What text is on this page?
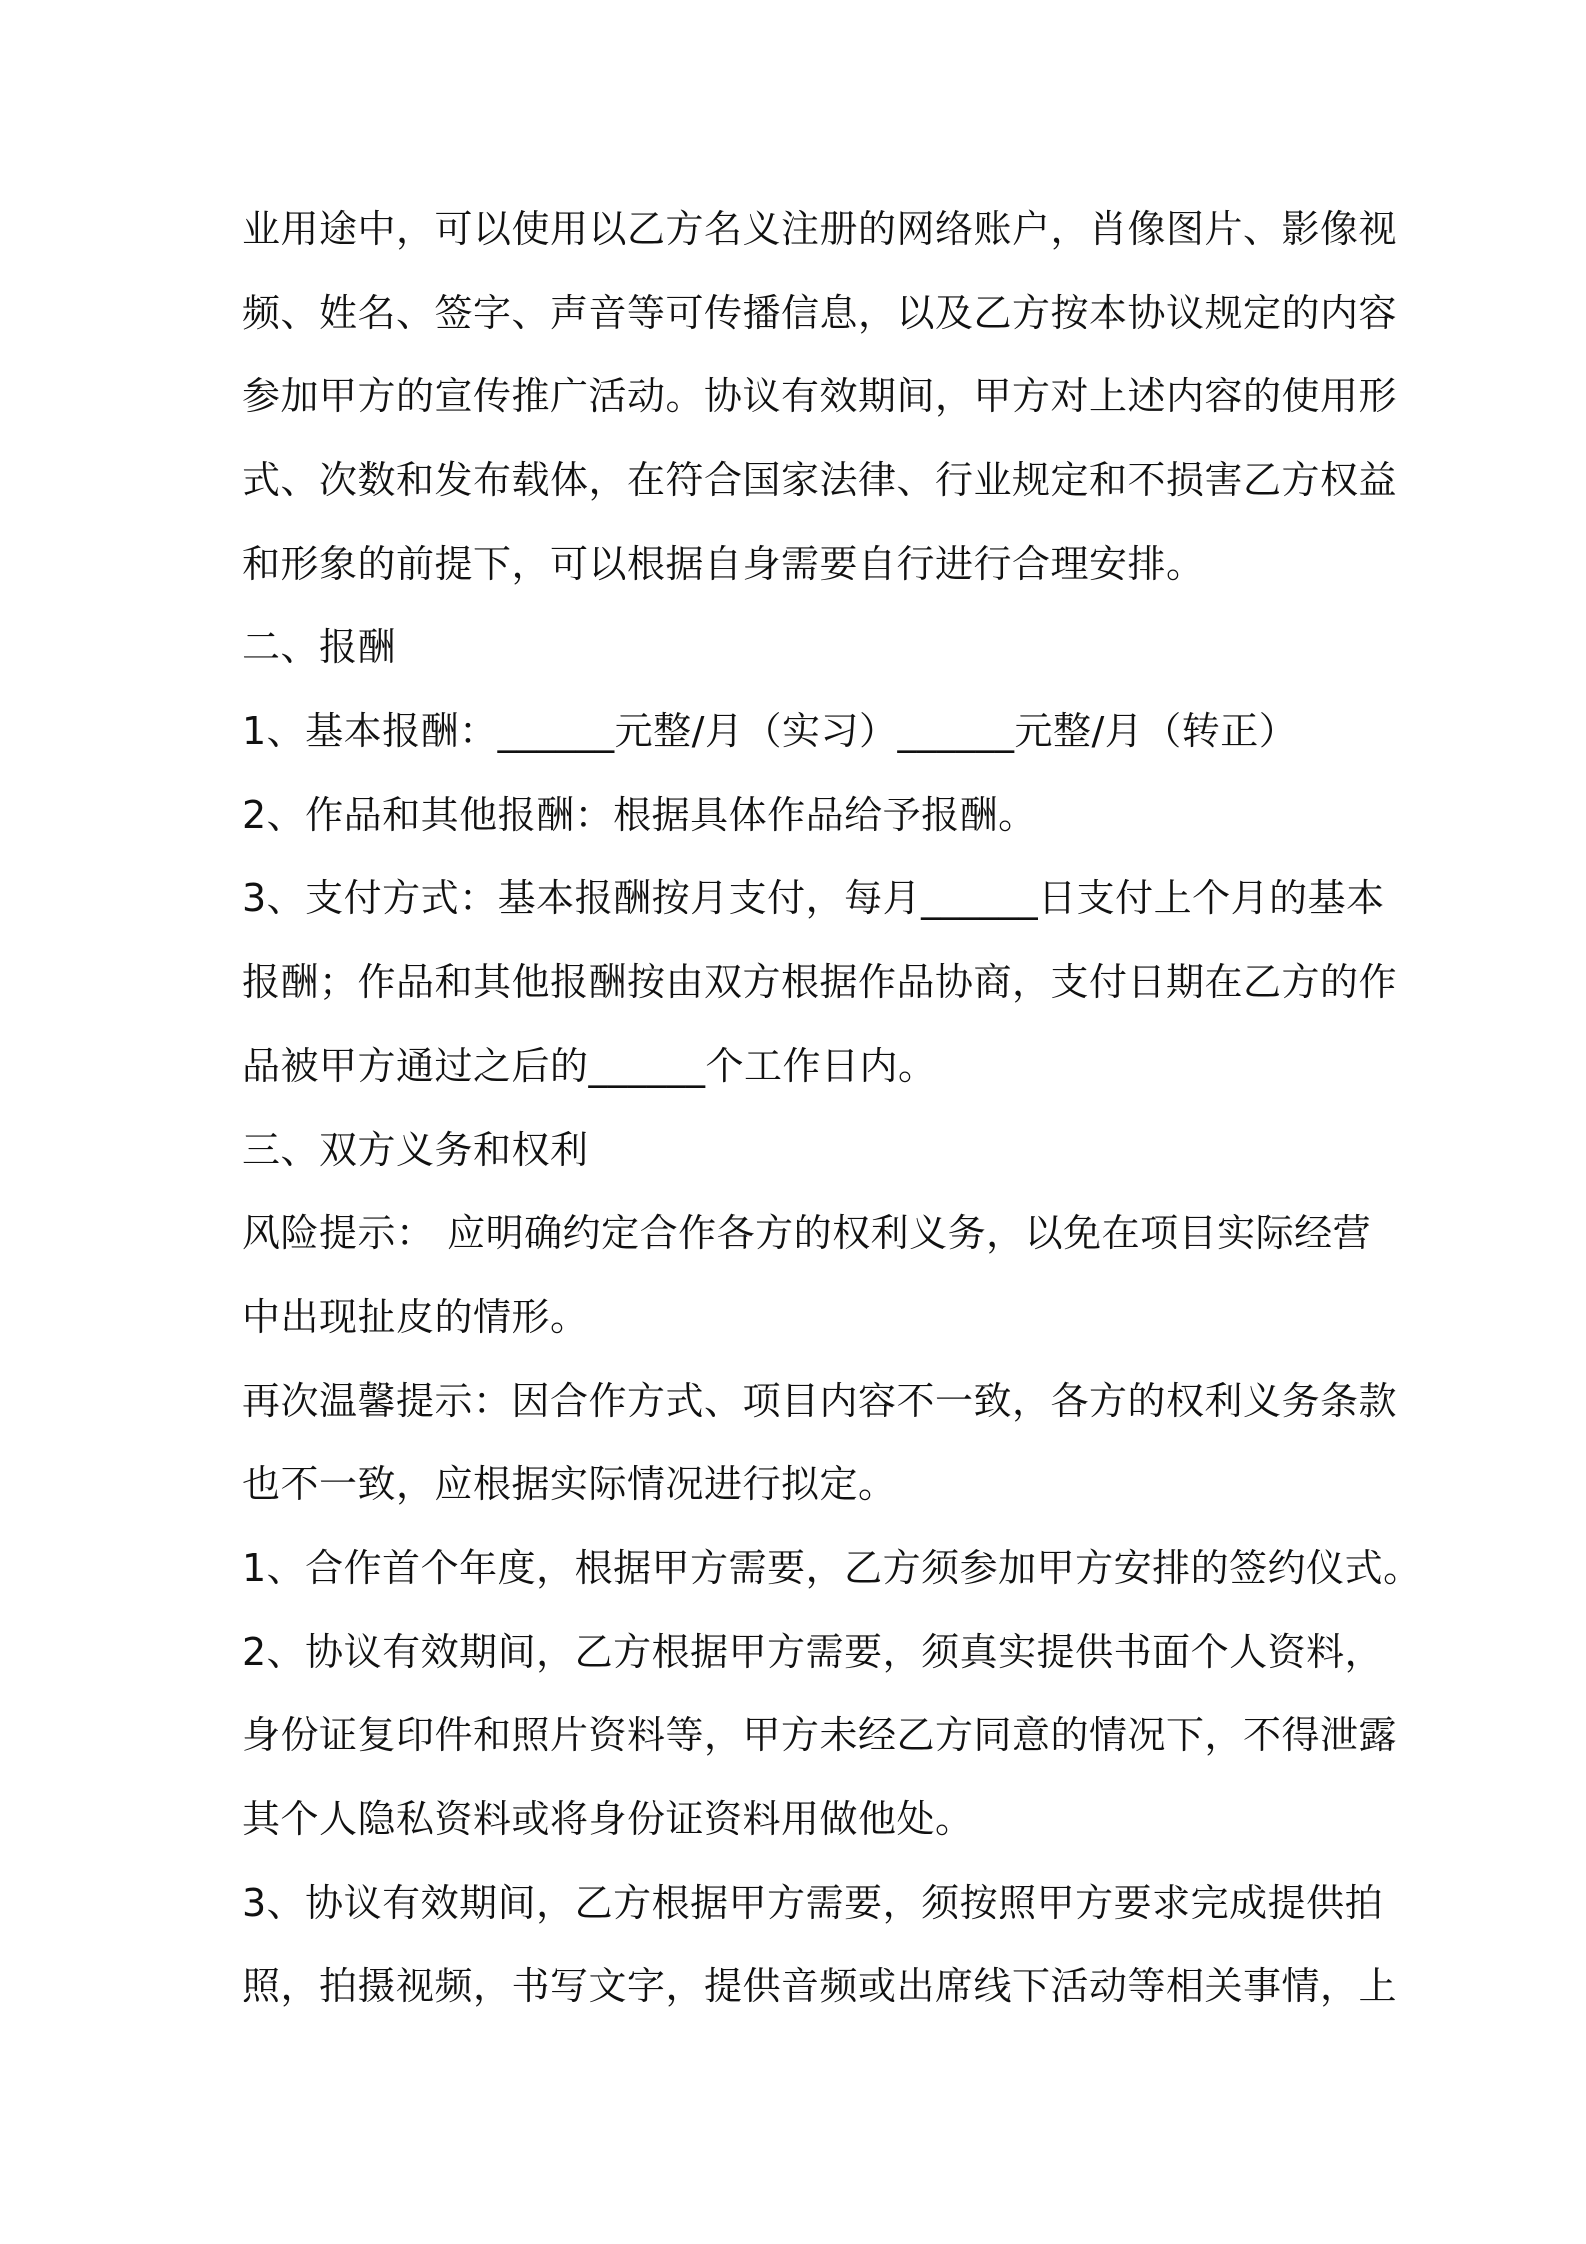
业用途中，可以使用以乙方名义注册的网络账户，肖像图片、影像视
频、姓名、签字、声音等可传播信息，以及乙方按本协议规定的内容
参加甲方的宣传推广活动。协议有效期间，甲方对上述内容的使用形
式、次数和发布载体，在符合国家法律、行业规定和不损害乙方权益
和形象的前提下，可以根据自身需要自行进行合理安排。
二、报酬
1、基本报酬：______元整/月（实习）______元整/月（转正）
2、作品和其他报酬：根据具体作品给予报酬。
3、支付方式：基本报酬按月支付，每月______日支付上个月的基本
报酬；作品和其他报酬按由双方根据作品协商，支付日期在乙方的作
品被甲方通过之后的______个工作日内。
三、双方义务和权利
风险提示： 应明确约定合作各方的权利义务，以免在项目实际经营
中出现扯皮的情形。
再次温馨提示：因合作方式、项目内容不一致，各方的权利义务条款
也不一致，应根据实际情况进行拟定。
1、合作首个年度，根据甲方需要，乙方须参加甲方安排的签约仪式。
2、协议有效期间，乙方根据甲方需要，须真实提供书面个人资料，
身份证复印件和照片资料等，甲方未经乙方同意的情况下，不得泄露
其个人隐私资料或将身份证资料用做他处。
3、协议有效期间，乙方根据甲方需要，须按照甲方要求完成提供拍
照，拍摄视频，书写文字，提供音频或出席线下活动等相关事情，上
